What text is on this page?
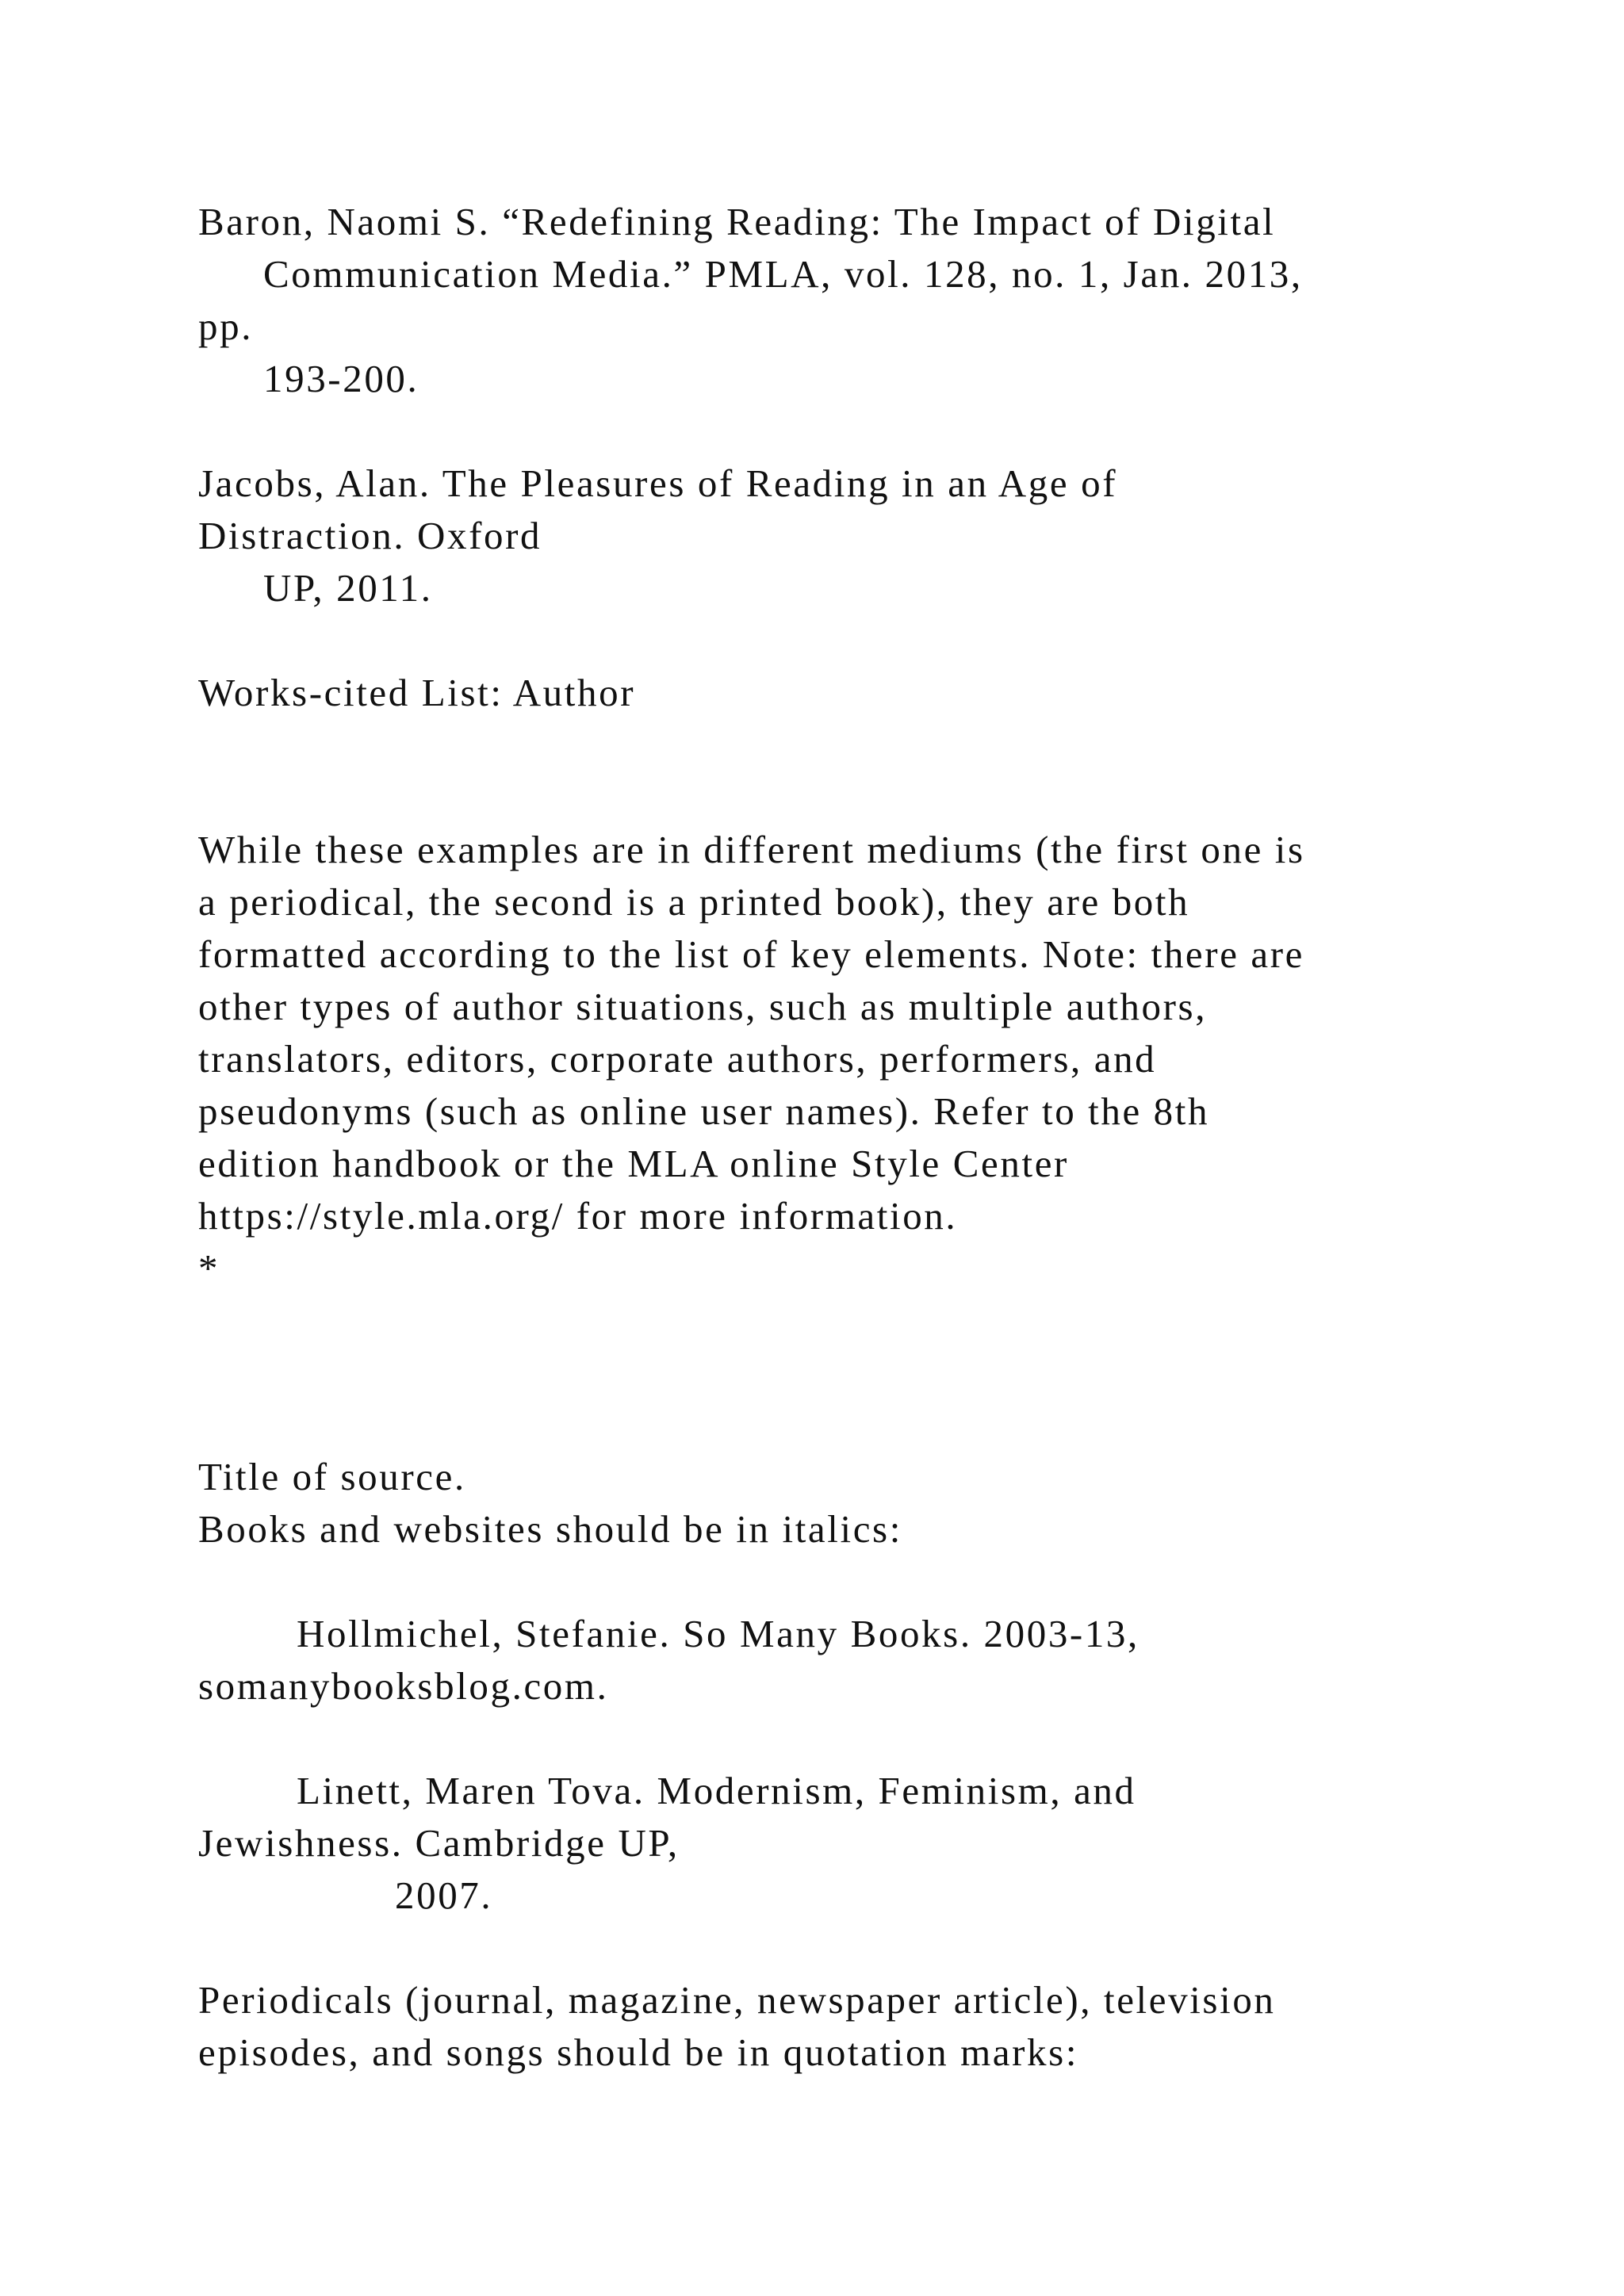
Baron, Naomi S. “Redefining Reading: The Impact of Digital

Communication Media.” PMLA, vol. 128, no. 1, Jan. 2013,

pp.

193-200.

Jacobs, Alan. The Pleasures of Reading in an Age of

Distraction. Oxford

UP, 2011.

Works-cited List: Author

While these examples are in different mediums (the first one is

a periodical, the second is a printed book), they are both

formatted according to the list of key elements. Note: there are

other types of author situations, such as multiple authors,

translators, editors, corporate authors, performers, and

pseudonyms (such as online user names). Refer to the 8th

edition handbook or the MLA online Style Center

https://style.mla.org/ for more information.

*

Title of source.

Books and websites should be in italics:

Hollmichel, Stefanie. So Many Books. 2003-13,

somanybooksblog.com.

Linett, Maren Tova. Modernism, Feminism, and

Jewishness. Cambridge UP,

2007.

Periodicals (journal, magazine, newspaper article), television

episodes, and songs should be in quotation marks:
